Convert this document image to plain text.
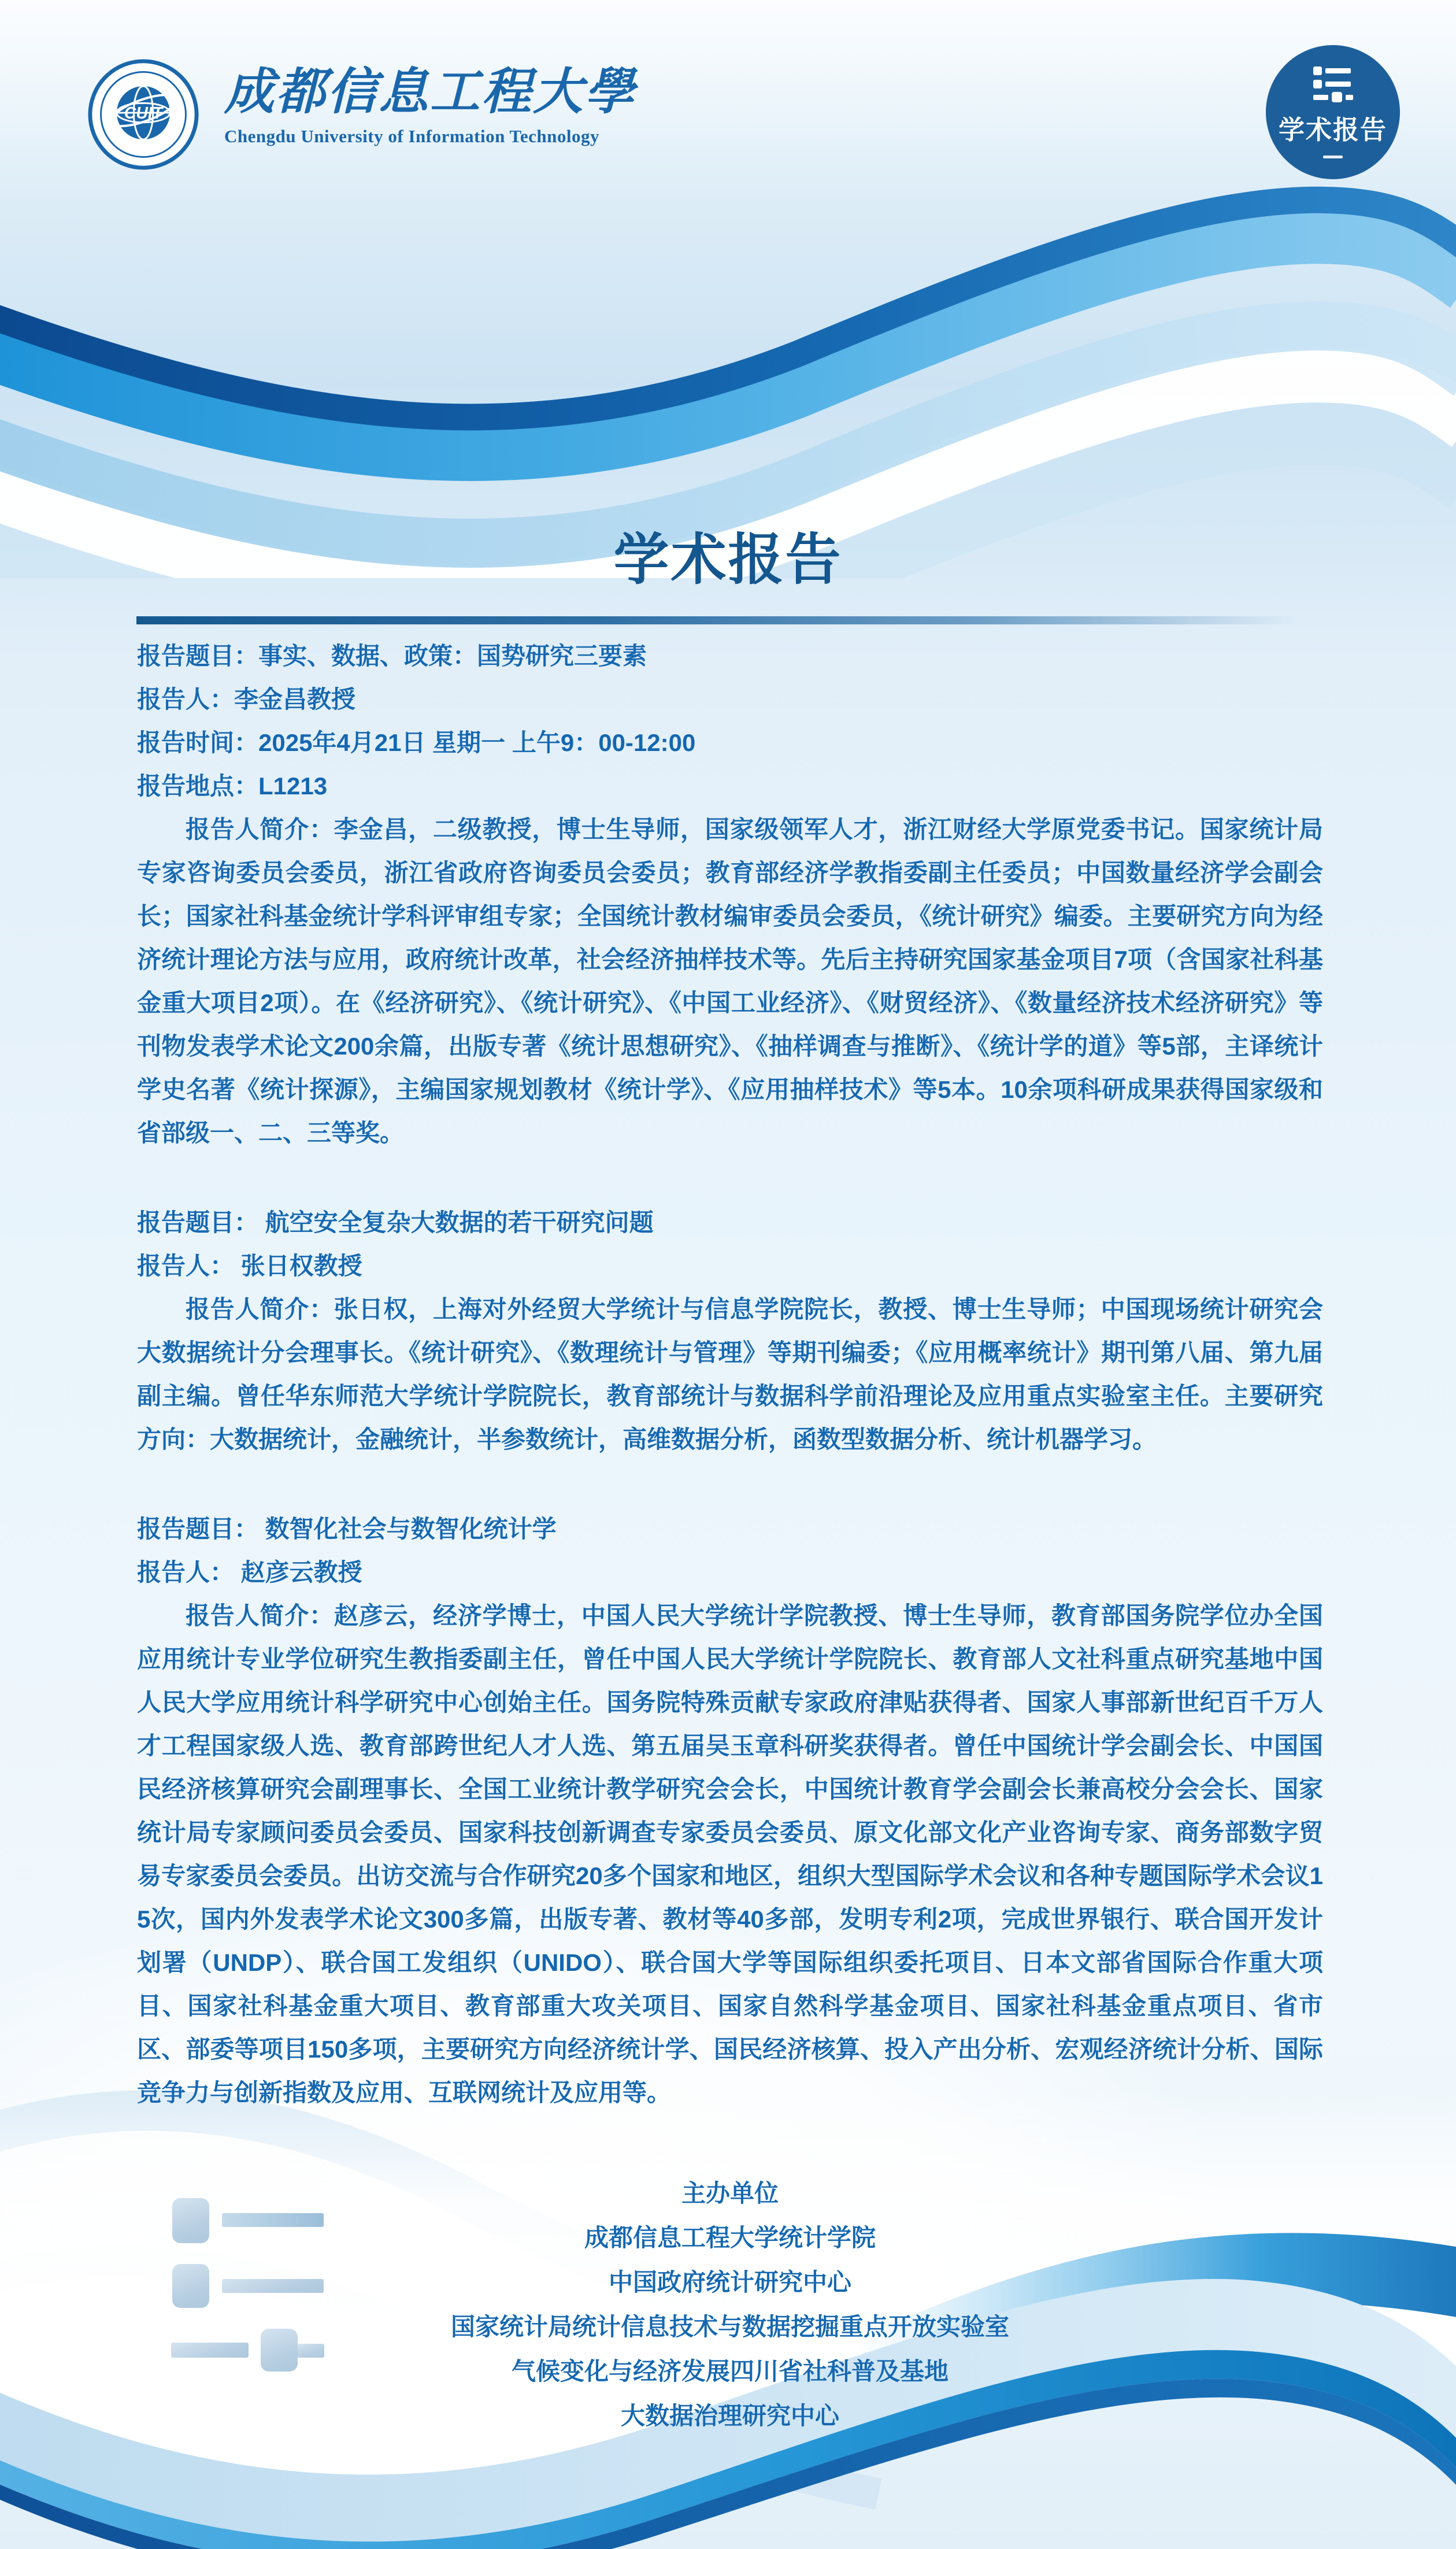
CUIT 成都信息工程大學
Chengdu University of Information Technology	学术报告
学术报告

报告题目：事实、数据、政策：国势研究三要素

报告人：李金昌教授

报告时间：2025年4月21日 星期一 上午9：00-12:00

报告地点：L1213

报告人简介：李金昌，二级教授，博士生导师，国家级领军人才，浙江财经大学原党委书记。国家统计局专家咨询委员会委员，浙江省政府咨询委员会委员；教育部经济学教指委副主任委员；中国数量经济学会副会长；国家社科基金统计学科评审组专家；全国统计教材编审委员会委员，《统计研究》编委。主要研究方向为经济统计理论方法与应用，政府统计改革，社会经济抽样技术等。先后主持研究国家基金项目7项（含国家社科基金重大项目2项）。在《经济研究》、《统计研究》、《中国工业经济》、《财贸经济》、《数量经济技术经济研究》等刊物发表学术论文200余篇，出版专著《统计思想研究》、《抽样调查与推断》、《统计学的道》等5部，主译统计学史名著《统计探源》，主编国家规划教材《统计学》、《应用抽样技术》等5本。10余项科研成果获得国家级和省部级一、二、三等奖。

报告题目： 航空安全复杂大数据的若干研究问题

报告人： 张日权教授

报告人简介：张日权，上海对外经贸大学统计与信息学院院长，教授、博士生导师；中国现场统计研究会大数据统计分会理事长。《统计研究》、《数理统计与管理》等期刊编委；《应用概率统计》期刊第八届、第九届副主编。曾任华东师范大学统计学院院长，教育部统计与数据科学前沿理论及应用重点实验室主任。主要研究方向：大数据统计，金融统计，半参数统计，高维数据分析，函数型数据分析、统计机器学习。

报告题目： 数智化社会与数智化统计学

报告人： 赵彦云教授

报告人简介：赵彦云，经济学博士，中国人民大学统计学院教授、博士生导师，教育部国务院学位办全国应用统计专业学位研究生教指委副主任，曾任中国人民大学统计学院院长、教育部人文社科重点研究基地中国人民大学应用统计科学研究中心创始主任。国务院特殊贡献专家政府津贴获得者、国家人事部新世纪百千万人才工程国家级人选、教育部跨世纪人才人选、第五届吴玉章科研奖获得者。曾任中国统计学会副会长、中国国民经济核算研究会副理事长、全国工业统计教学研究会会长，中国统计教育学会副会长兼高校分会会长、国家统计局专家顾问委员会委员、国家科技创新调查专家委员会委员、原文化部文化产业咨询专家、商务部数字贸易专家委员会委员。出访交流与合作研究20多个国家和地区，组织大型国际学术会议和各种专题国际学术会议15次，国内外发表学术论文300多篇，出版专著、教材等40多部，发明专利2项，完成世界银行、联合国开发计划署（UNDP）、联合国工发组织（UNIDO）、联合国大学等国际组织委托项目、日本文部省国际合作重大项目、国家社科基金重大项目、教育部重大攻关项目、国家自然科学基金项目、国家社科基金重点项目、省市区、部委等项目150多项，主要研究方向经济统计学、国民经济核算、投入产出分析、宏观经济统计分析、国际竞争力与创新指数及应用、互联网统计及应用等。

主办单位

成都信息工程大学统计学院

中国政府统计研究中心

国家统计局统计信息技术与数据挖掘重点开放实验室

气候变化与经济发展四川省社科普及基地

大数据治理研究中心
